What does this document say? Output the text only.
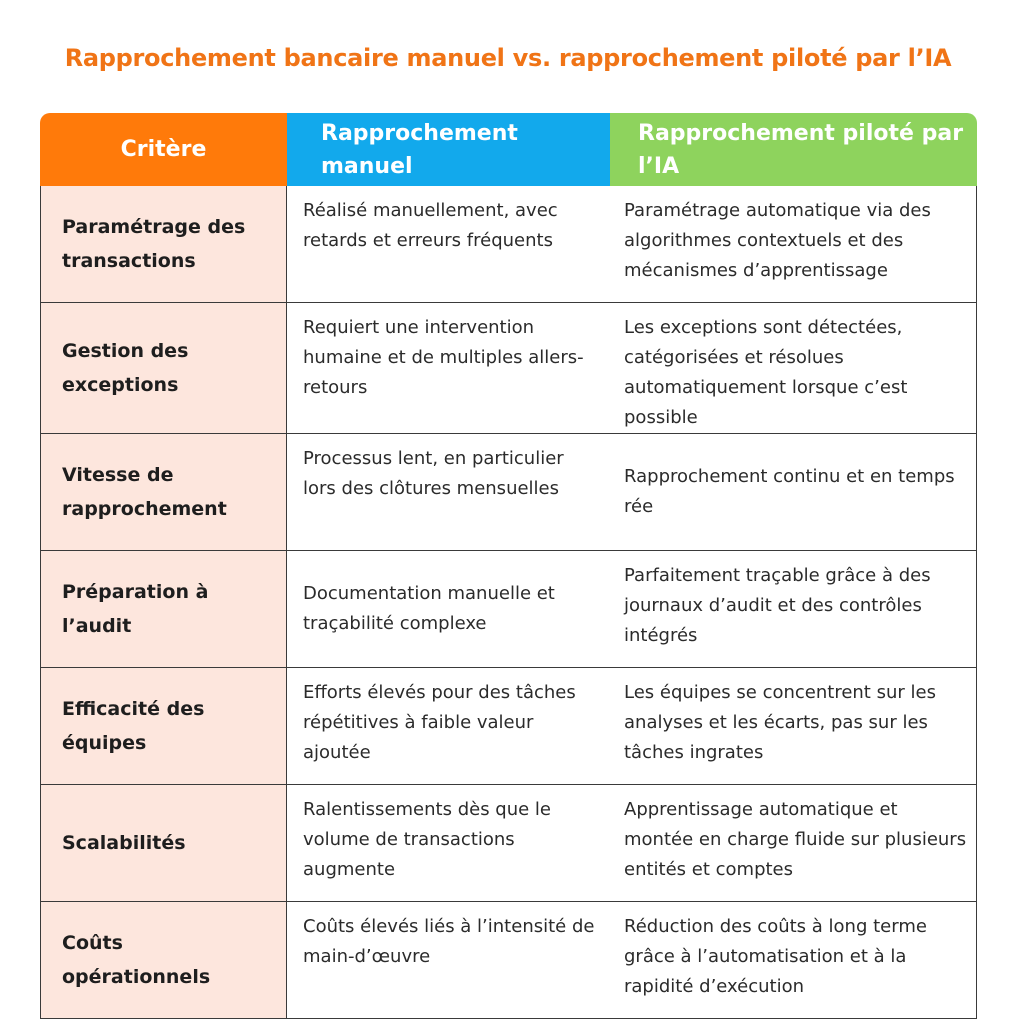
Rapprochement bancaire manuel vs. rapprochement piloté par l’IA
Critère	Rapprochement manuel	Rapprochement piloté par l’IA
Paramétrage des transactions	Réalisé manuellement, avec retards et erreurs fréquents	Paramétrage automatique via des algorithmes contextuels et des mécanismes d’apprentissage
Gestion des exceptions	Requiert une intervention humaine et de multiples allers-retours	Les exceptions sont détectées, catégorisées et résolues automatiquement lorsque c’est possible
Vitesse de rapprochement	Processus lent, en particulier lors des clôtures mensuelles	Rapprochement continu et en temps rée
Préparation à l’audit	Documentation manuelle et traçabilité complexe	Parfaitement traçable grâce à des journaux d’audit et des contrôles intégrés
Efficacité des équipes	Efforts élevés pour des tâches répétitives à faible valeur ajoutée	Les équipes se concentrent sur les analyses et les écarts, pas sur les tâches ingrates
Scalabilités	Ralentissements dès que le volume de transactions augmente	Apprentissage automatique et montée en charge fluide sur plusieurs entités et comptes
Coûts opérationnels	Coûts élevés liés à l’intensité de main-d’œuvre	Réduction des coûts à long terme grâce à l’automatisation et à la rapidité d’exécution
